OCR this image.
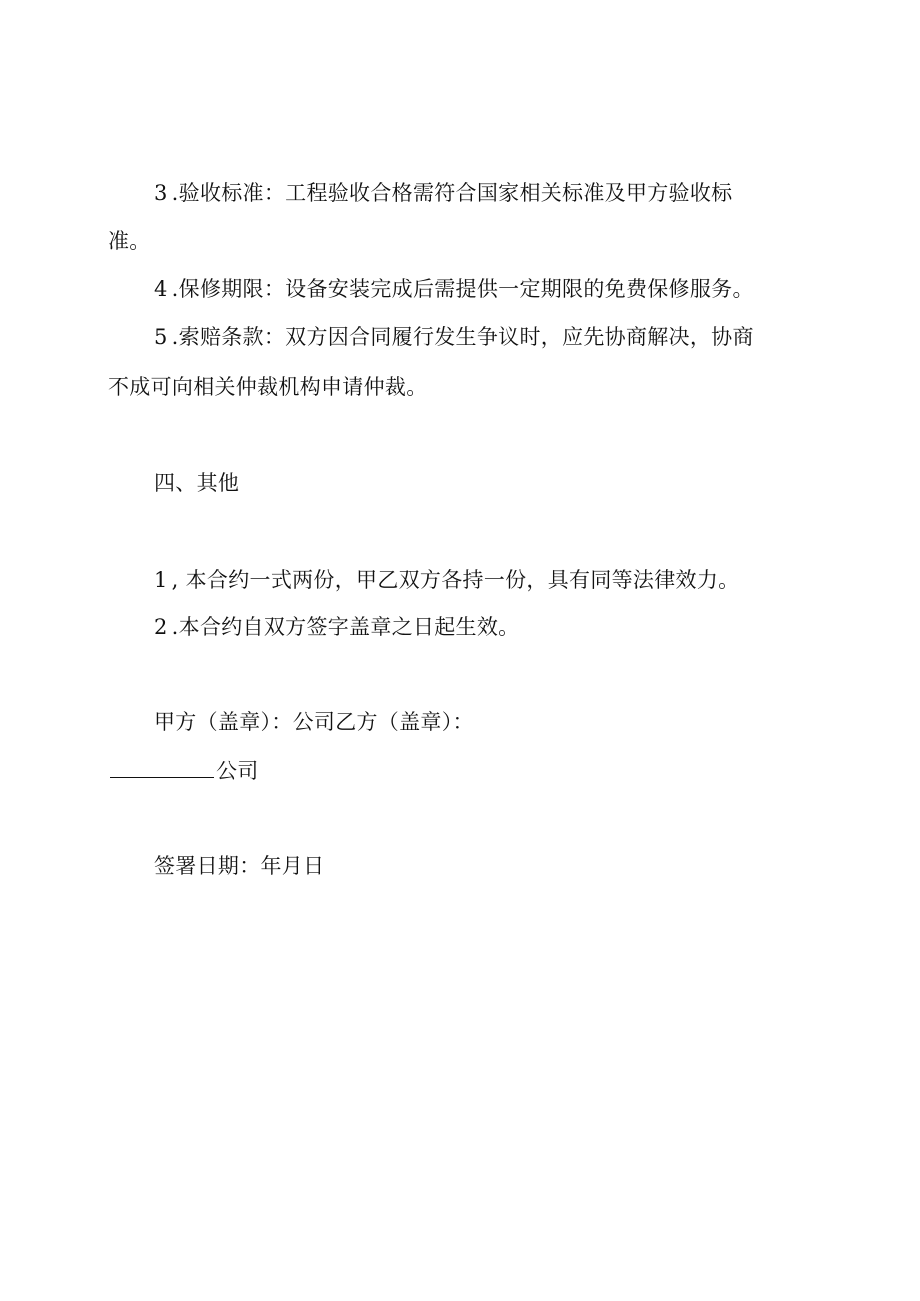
3 .验收标准：工程验收合格需符合国家相关标准及甲方验收标
准。
4 .保修期限：设备安装完成后需提供一定期限的免费保修服务。
5 .索赔条款：双方因合同履行发生争议时，应先协商解决，协商
不成可向相关仲裁机构申请仲裁。
四、其他
1 , 本合约一式两份，甲乙双方各持一份，具有同等法律效力。
2 .本合约自双方签字盖章之日起生效。
甲方（盖章）：公司乙方（盖章）：
公司
签署日期：年月日
